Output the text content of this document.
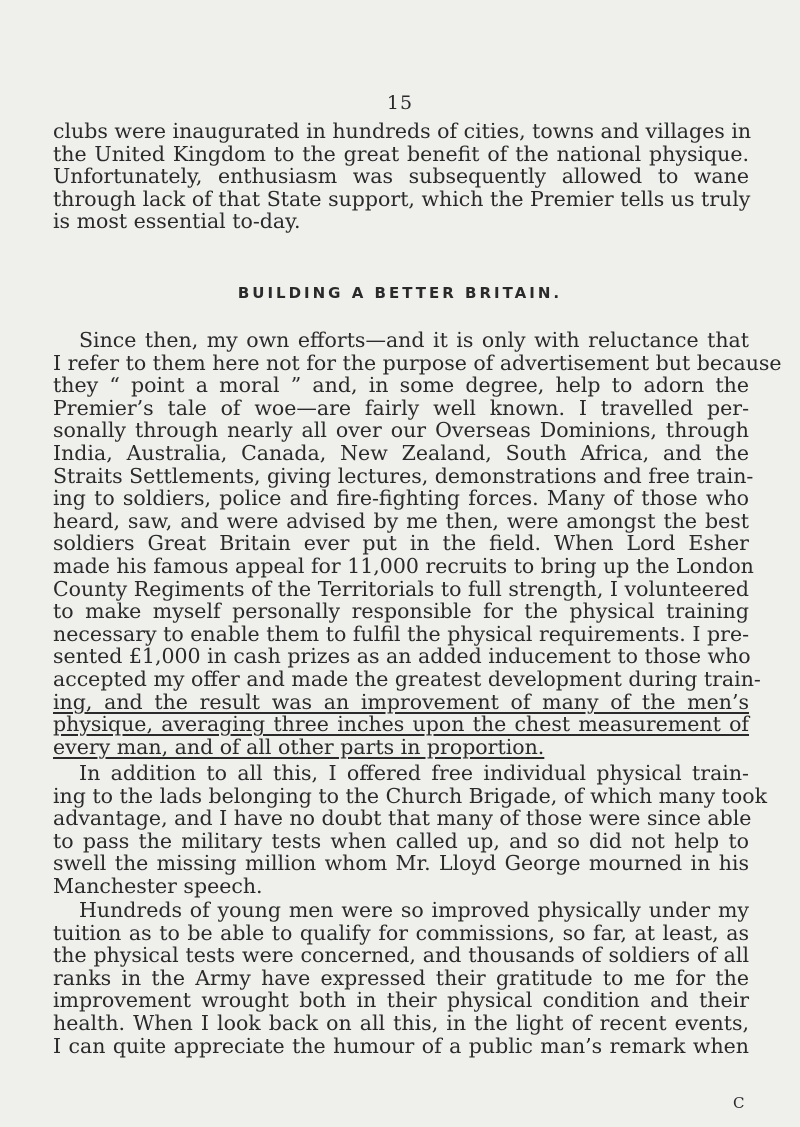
15
clubs were inaugurated in hundreds of cities, towns and villages in
the United Kingdom to the great benefit of the national physique.
Unfortunately, enthusiasm was subsequently allowed to wane
through lack of that State support, which the Premier tells us truly
is most essential to-day.
BUILDING A BETTER BRITAIN.
Since then, my own efforts—and it is only with reluctance that
I refer to them here not for the purpose of advertisement but because
they “ point a moral ” and, in some degree, help to adorn the
Premier’s tale of woe—are fairly well known. I travelled per-
sonally through nearly all over our Overseas Dominions, through
India, Australia, Canada, New Zealand, South Africa, and the
Straits Settlements, giving lectures, demonstrations and free train-
ing to soldiers, police and fire-fighting forces. Many of those who
heard, saw, and were advised by me then, were amongst the best
soldiers Great Britain ever put in the field. When Lord Esher
made his famous appeal for 11,000 recruits to bring up the London
County Regiments of the Territorials to full strength, I volunteered
to make myself personally responsible for the physical training
necessary to enable them to fulfil the physical requirements. I pre-
sented £1,000 in cash prizes as an added inducement to those who
accepted my offer and made the greatest development during train-
ing, and the result was an improvement of many of the men’s
physique, averaging three inches upon the chest measurement of
every man, and of all other parts in proportion.
In addition to all this, I offered free individual physical train-
ing to the lads belonging to the Church Brigade, of which many took
advantage, and I have no doubt that many of those were since able
to pass the military tests when called up, and so did not help to
swell the missing million whom Mr. Lloyd George mourned in his
Manchester speech.
Hundreds of young men were so improved physically under my
tuition as to be able to qualify for commissions, so far, at least, as
the physical tests were concerned, and thousands of soldiers of all
ranks in the Army have expressed their gratitude to me for the
improvement wrought both in their physical condition and their
health. When I look back on all this, in the light of recent events,
I can quite appreciate the humour of a public man’s remark when
C
